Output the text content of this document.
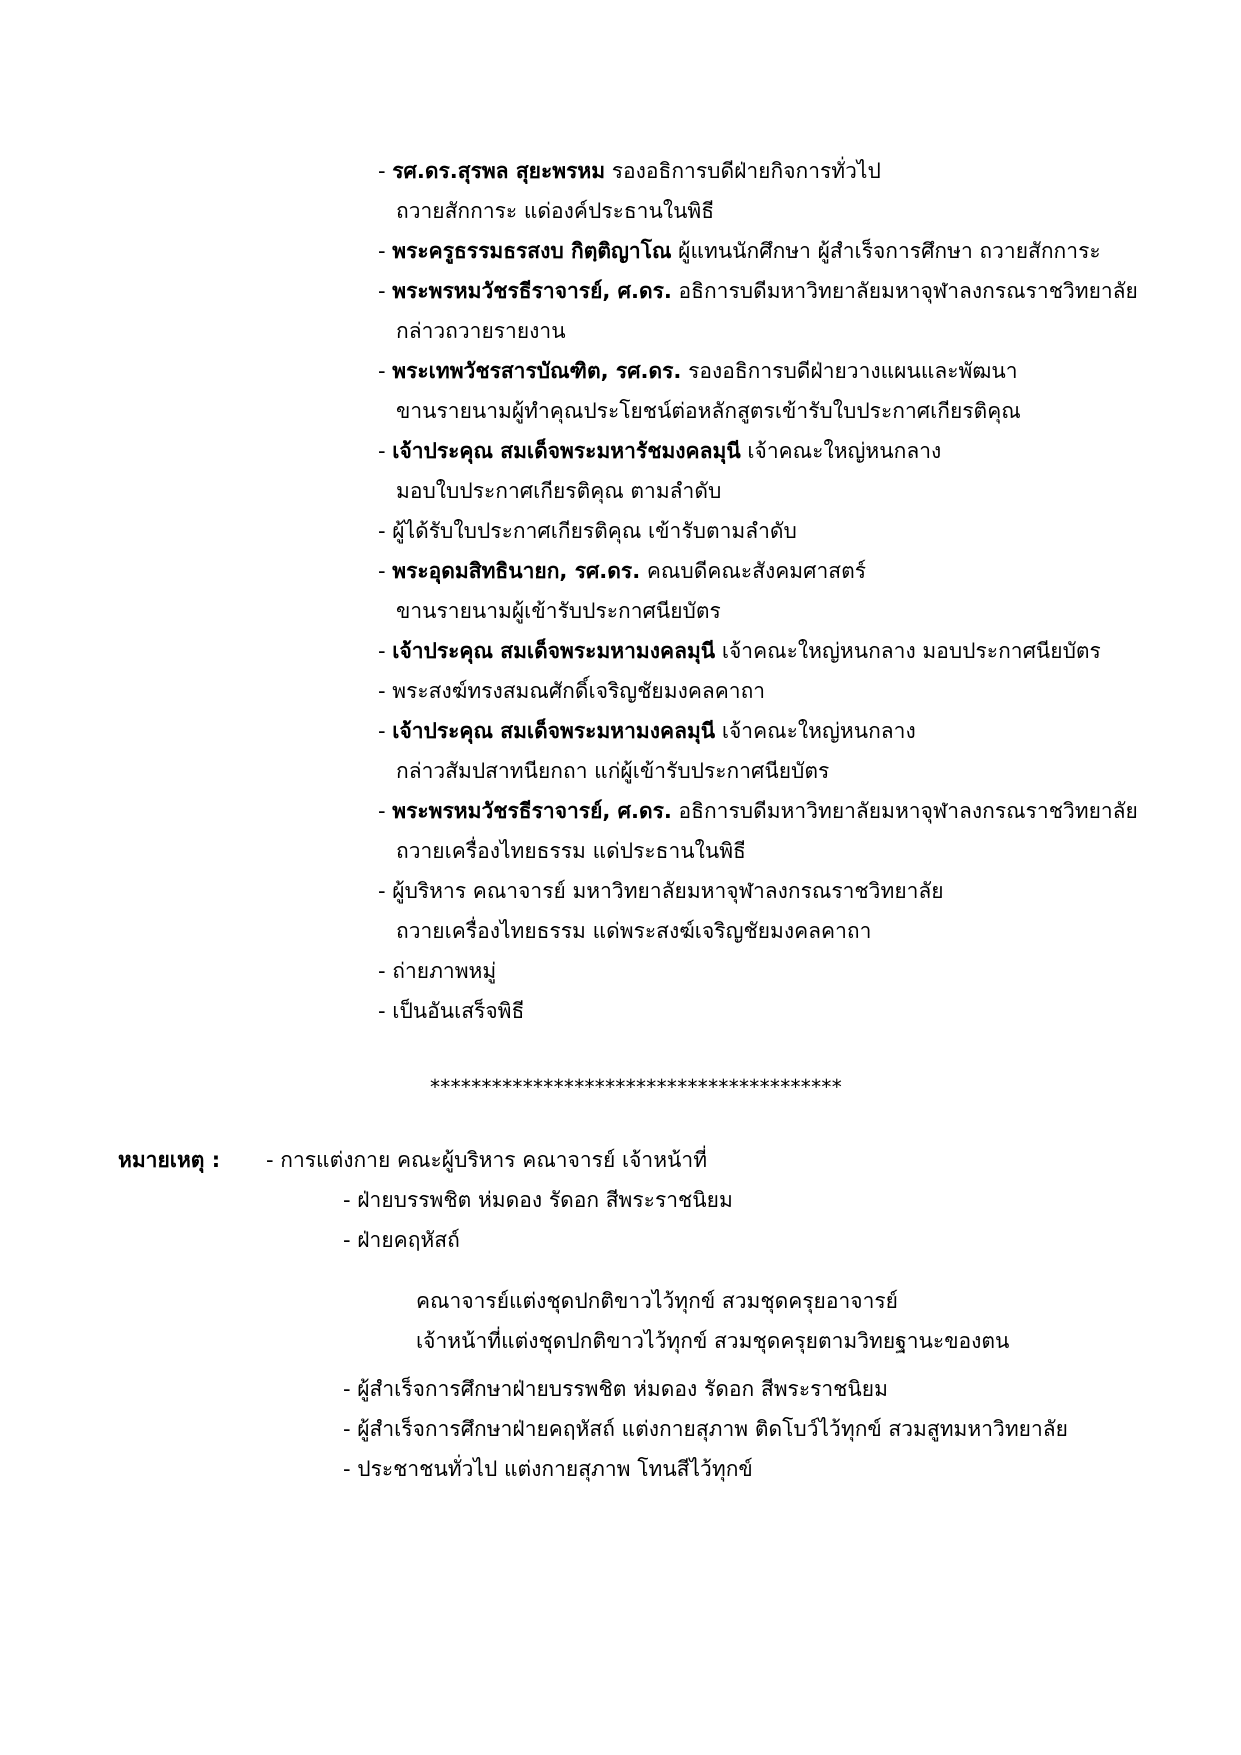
- รศ.ดร.สุรพล สุยะพรหม รองอธิการบดีฝ่ายกิจการทั่วไป
ถวายสักการะ แด่องค์ประธานในพิธี
- พระครูธรรมธรสงบ กิตฺติญาโณ ผู้แทนนักศึกษา ผู้สำเร็จการศึกษา ถวายสักการะ
- พระพรหมวัชรธีราจารย์, ศ.ดร. อธิการบดีมหาวิทยาลัยมหาจุฬาลงกรณราชวิทยาลัย
กล่าวถวายรายงาน
- พระเทพวัชรสารบัณฑิต, รศ.ดร. รองอธิการบดีฝ่ายวางแผนและพัฒนา
ขานรายนามผู้ทำคุณประโยชน์ต่อหลักสูตรเข้ารับใบประกาศเกียรติคุณ
- เจ้าประคุณ สมเด็จพระมหารัชมงคลมุนี เจ้าคณะใหญ่หนกลาง
มอบใบประกาศเกียรติคุณ ตามลำดับ
- ผู้ได้รับใบประกาศเกียรติคุณ เข้ารับตามลำดับ
- พระอุดมสิทธินายก, รศ.ดร. คณบดีคณะสังคมศาสตร์
ขานรายนามผู้เข้ารับประกาศนียบัตร
- เจ้าประคุณ สมเด็จพระมหามงคลมุนี เจ้าคณะใหญ่หนกลาง มอบประกาศนียบัตร
- พระสงฆ์ทรงสมณศักดิ์เจริญชัยมงคลคาถา
- เจ้าประคุณ สมเด็จพระมหามงคลมุนี เจ้าคณะใหญ่หนกลาง
กล่าวสัมปสาทนียกถา แก่ผู้เข้ารับประกาศนียบัตร
- พระพรหมวัชรธีราจารย์, ศ.ดร. อธิการบดีมหาวิทยาลัยมหาจุฬาลงกรณราชวิทยาลัย
ถวายเครื่องไทยธรรม แด่ประธานในพิธี
- ผู้บริหาร คณาจารย์ มหาวิทยาลัยมหาจุฬาลงกรณราชวิทยาลัย
ถวายเครื่องไทยธรรม แด่พระสงฆ์เจริญชัยมงคลคาถา
- ถ่ายภาพหมู่
- เป็นอันเสร็จพิธี
****************************************
หมายเหตุ : - การแต่งกาย คณะผู้บริหาร คณาจารย์ เจ้าหน้าที่
- ฝ่ายบรรพชิต ห่มดอง รัดอก สีพระราชนิยม
- ฝ่ายคฤหัสถ์
คณาจารย์แต่งชุดปกติขาวไว้ทุกข์ สวมชุดครุยอาจารย์
เจ้าหน้าที่แต่งชุดปกติขาวไว้ทุกข์ สวมชุดครุยตามวิทยฐานะของตน
- ผู้สำเร็จการศึกษาฝ่ายบรรพชิต ห่มดอง รัดอก สีพระราชนิยม
- ผู้สำเร็จการศึกษาฝ่ายคฤหัสถ์ แต่งกายสุภาพ ติดโบว์ไว้ทุกข์ สวมสูทมหาวิทยาลัย
- ประชาชนทั่วไป แต่งกายสุภาพ โทนสีไว้ทุกข์
